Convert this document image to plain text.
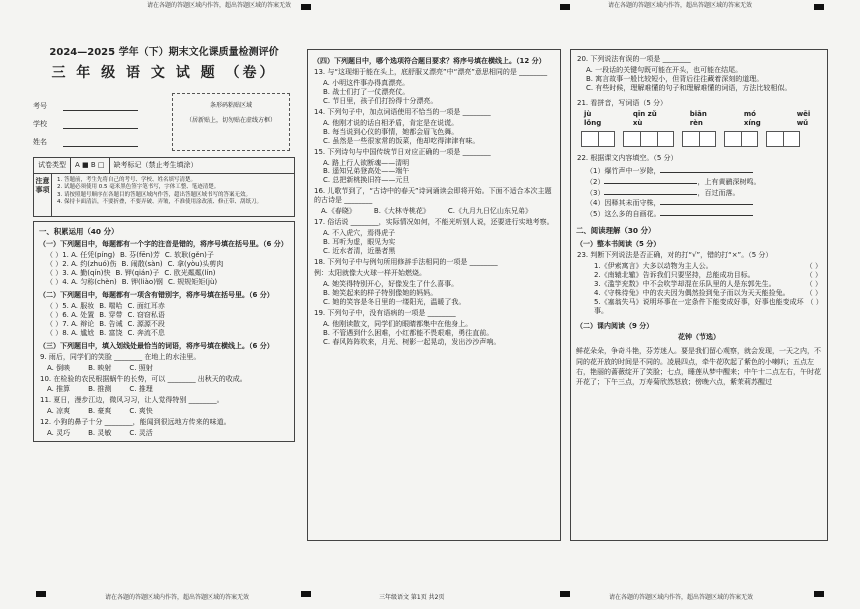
请在各题的答题区域内作答，超出答题区域的答案无效	请在各题的答题区域内作答，超出答题区域的答案无效
2024—2025 学年（下）期末文化课质量检测评价
三 年 级 语 文 试 题 （卷）
考号
学校
姓名
条形码粘贴区域
（居新贴上，切勿贴在虚线方框）
试卷类型	A ■ B □	缺考标记（禁止考生填涂）
注意事项
1. 答题前，考生先将自己的考号、学校、姓名填写清楚。
2. 试题必须使用 0.5 毫米黑色签字笔书写，字体工整、笔迹清楚。
3. 请按照题号顺序在各题目的答题区域内作答，超出答题区域书写的答案无效。
4. 保持卡面清洁，不要折叠，不要弄破、弄皱，不准使用涂改液、修正带、刮纸刀。
一、积累运用（40 分）
（一）下列题目中，每题都有一个字的注音是错的，将序号填在括号里。（6 分）
（ ）1. A. 任凭(píng) B. 芬(fēn)芳 C. 软耿(gěn)子
（ ）2. A. 约(zhuó)伤 B. 闹散(sàn) C. 拿(yòu)头剪肉
（ ）3. A. 勤(qín)快 B. 钾(qián)子 C. 欧光粼粼(lín)
（ ）4. A. 匀称(chèn) B. 钾(liào)钢 C. 规规矩矩(jù)
（二）下列题目中，每题都有一项含有错别字，将序号填在括号里。（6 分）
（ ）5. A. 服妆 B. 喘哈 C. 面红耳赤
（ ）6. A. 处置 B. 穿带 C. 窃窃私语
（ ）7. A. 辩论 B. 告诫 C. 源源不段
（ ）8. A. 尴尬 B. 富饶 C. 奔流不息
（三）下列题目中，填入划线处最恰当的词语，将序号填在横线上。（6 分）
9. 雨后，同学们的笑脸 ________ 在地上的水洼里。
A. 倒映	B. 映射	C. 照射
10. 在检验的农民根据蜗牛的长势，可以 ________ 出秋天的收成。
A. 推算	B. 推测	C. 推理
11. 夏日，漫步江边，微风习习，让人觉得特别 ________。
A. 凉爽	B. 豪爽	C. 爽快
12. 小狗的鼻子十分 ________，能闻到很远地方传来的味道。
A. 灵巧	B. 灵敏	C. 灵活
（四）下列题目中，哪个选项符合题目要求？将序号填在横线上。（12 分）
13. 与“这现细于能在头上，底舒服又漂亮”中“漂亮”意思相同的是 ________
A. 小明这件事办得真漂亮。
B. 战士们打了一仗漂亮仗。
C. 节日里，孩子们打扮得十分漂亮。
14. 下列句子中，加点词语使用不恰当的一项是 ________
A. 他刚才说的话自相矛盾，肯定是在说谎。
B. 每当说到心仪的事情，她都会眉飞色舞。
C. 虽然是一些很家常的饭菜，他却吃得津津有味。
15. 下列诗句与中国传统节日对应正确的一项是 ________
A. 路上行人欲断魂——清明
B. 遥知兄弟登高处——端午
C. 总把新桃换旧符——元旦
16. 儿歌节到了，“古诗中的春天”诗词诵读会即将开始。下面不适合本次主题的古诗是 ________
A.《春晓》	B.《大林寺桃花》	C.《九月九日忆山东兄弟》
17. 俗话说 ________，实际情况如何，不能光听别人说，还要进行实地考察。
A. 不入虎穴，焉得虎子
B. 耳听为虚，眼见为实
C. 近水者清，近墨者黑
18. 下列句子中与例句所用修辞手法相同的一项是 ________
例：太阳就像大火球一样开始燃烧。
A. 她笑得特别开心，好像发生了什么喜事。
B. 她笑起来的样子特别像她的妈妈。
C. 她的笑容是冬日里的一缕阳光，温暖了我。
19. 下列句子中，没有语病的一项是 ________
A. 他刚读散文，同学们的眼睛都集中在他身上。
B. 不管遇到什么困难，小红都能不畏艰难，勇往直前。
C. 春风阵阵吹来，月光、树影一起晃动，发出沙沙声响。
20. 下列说法有误的一项是 ________
A. 一段话的关键句既可能在开头，也可能在结尾。
B. 寓言故事一般比较短小，但背后往往藏着深刻的道理。
C. 有些时候，理解难懂的句子和理解难懂的词语，方法比较相似。
21. 看拼音，写词语（5 分）
jù lǒng
qīn zǔ xù
biān rèn
mó xíng
wēi wǔ
22. 根据课文内容填空。（5 分）
（1）爆竹声中一岁除，
（2）	，上有黄鹂深树鸣。
（3）	，百过而落。
（4）因释其未而守株，
（5）这么多的自画花。
二、阅读理解（30 分）
（一）整本书阅读（5 分）
23. 判断下列说法是否正确，对的打“√”，错的打“×”。（5 分）
1.《伊索寓言》大多以动物为主人公。	（ ）
2.《南辕北辙》告诉我们只要坚持，总能成功目标。	（ ）
3.《滥竽充数》中不会吹竽却混在乐队里的人是东郭先生。	（ ）
4.《守株待兔》中的农夫因为偶然捡到兔子而以为天天能捡兔。 （ ）
5.《塞翁失马》说明坏事在一定条件下能变成好事，好事也能变成坏事。
（ ）
（二）课内阅读（9 分）
花钟（节选）
鲜花朵朵，争奇斗艳，芬芳迷人。要是我们留心观察，就会发现，一天之内，不同的花开放的时间是不同的。凌晨四点，牵牛花吹起了紫色的小喇叭；五点左右，艳丽的蔷薇绽开了笑脸；七点，睡莲从梦中醒来；中午十二点左右，午时花开花了；下午三点，万寿菊欣然怒放；傍晚六点，紫茉莉苏醒过
请在各题的答题区域内作答，超出答题区域的答案无效	三年级语文 第1页 共2页	请在各题的答题区域内作答，超出答题区域的答案无效
